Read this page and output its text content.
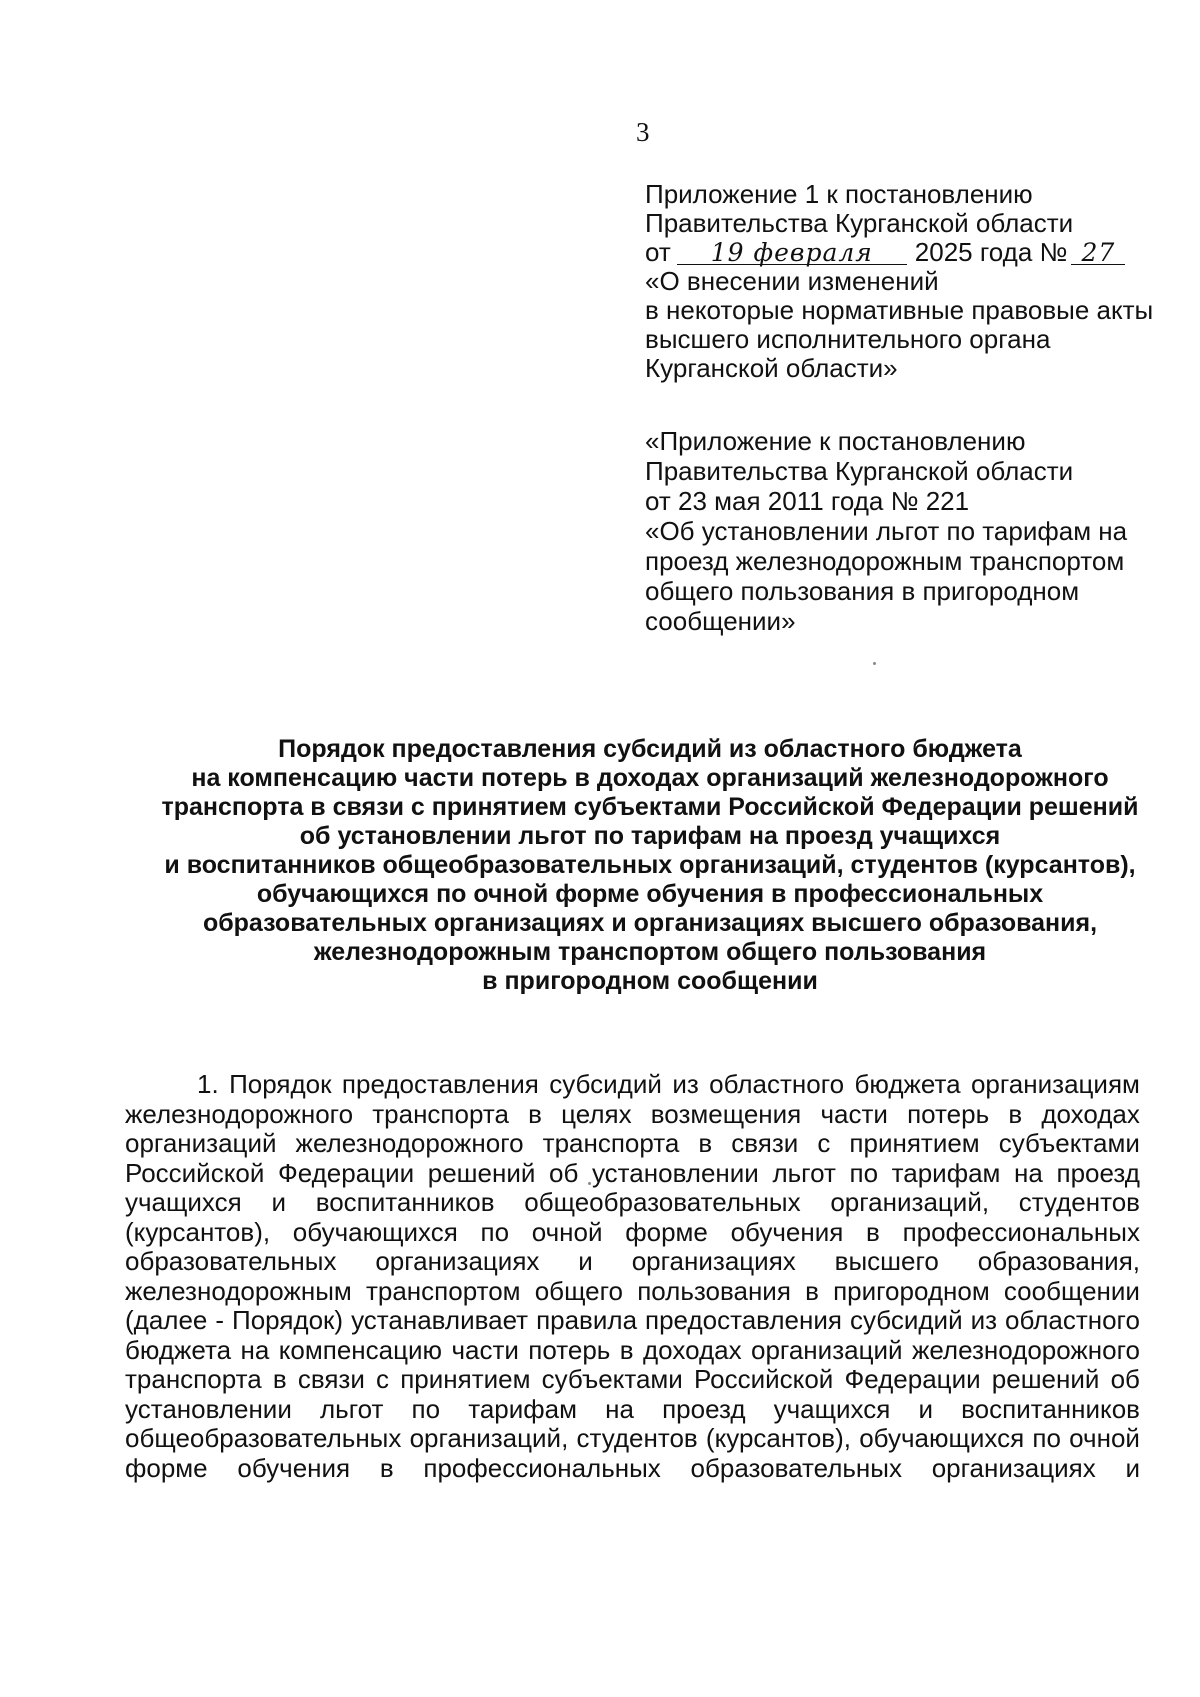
3

Приложение 1 к постановлению

Правительства Курганской области

от 19 февраля 2025 года № 27

«О внесении изменений

в некоторые нормативные правовые акты

высшего исполнительного органа

Курганской области»

«Приложение к постановлению

Правительства Курганской области

от 23 мая 2011 года № 221

«Об установлении льгот по тарифам на

проезд железнодорожным транспортом

общего пользования в пригородном

сообщении»

Порядок предоставления субсидий из областного бюджета

на компенсацию части потерь в доходах организаций железнодорожного

транспорта в связи с принятием субъектами Российской Федерации решений

об установлении льгот по тарифам на проезд учащихся

и воспитанников общеобразовательных организаций, студентов (курсантов),

обучающихся по очной форме обучения в профессиональных

образовательных организациях и организациях высшего образования,

железнодорожным транспортом общего пользования

в пригородном сообщении

1. Порядок предоставления субсидий из областного бюджета организациям
железнодорожного транспорта в целях возмещения части потерь в доходах
организаций железнодорожного транспорта в связи с принятием субъектами
Российской Федерации решений об установлении льгот по тарифам на проезд
учащихся и воспитанников общеобразовательных организаций, студентов
(курсантов), обучающихся по очной форме обучения в профессиональных
образовательных организациях и организациях высшего образования,
железнодорожным транспортом общего пользования в пригородном сообщении
(далее - Порядок) устанавливает правила предоставления субсидий из областного
бюджета на компенсацию части потерь в доходах организаций железнодорожного
транспорта в связи с принятием субъектами Российской Федерации решений об
установлении льгот по тарифам на проезд учащихся и воспитанников
общеобразовательных организаций, студентов (курсантов), обучающихся по очной
форме обучения в профессиональных образовательных организациях и
